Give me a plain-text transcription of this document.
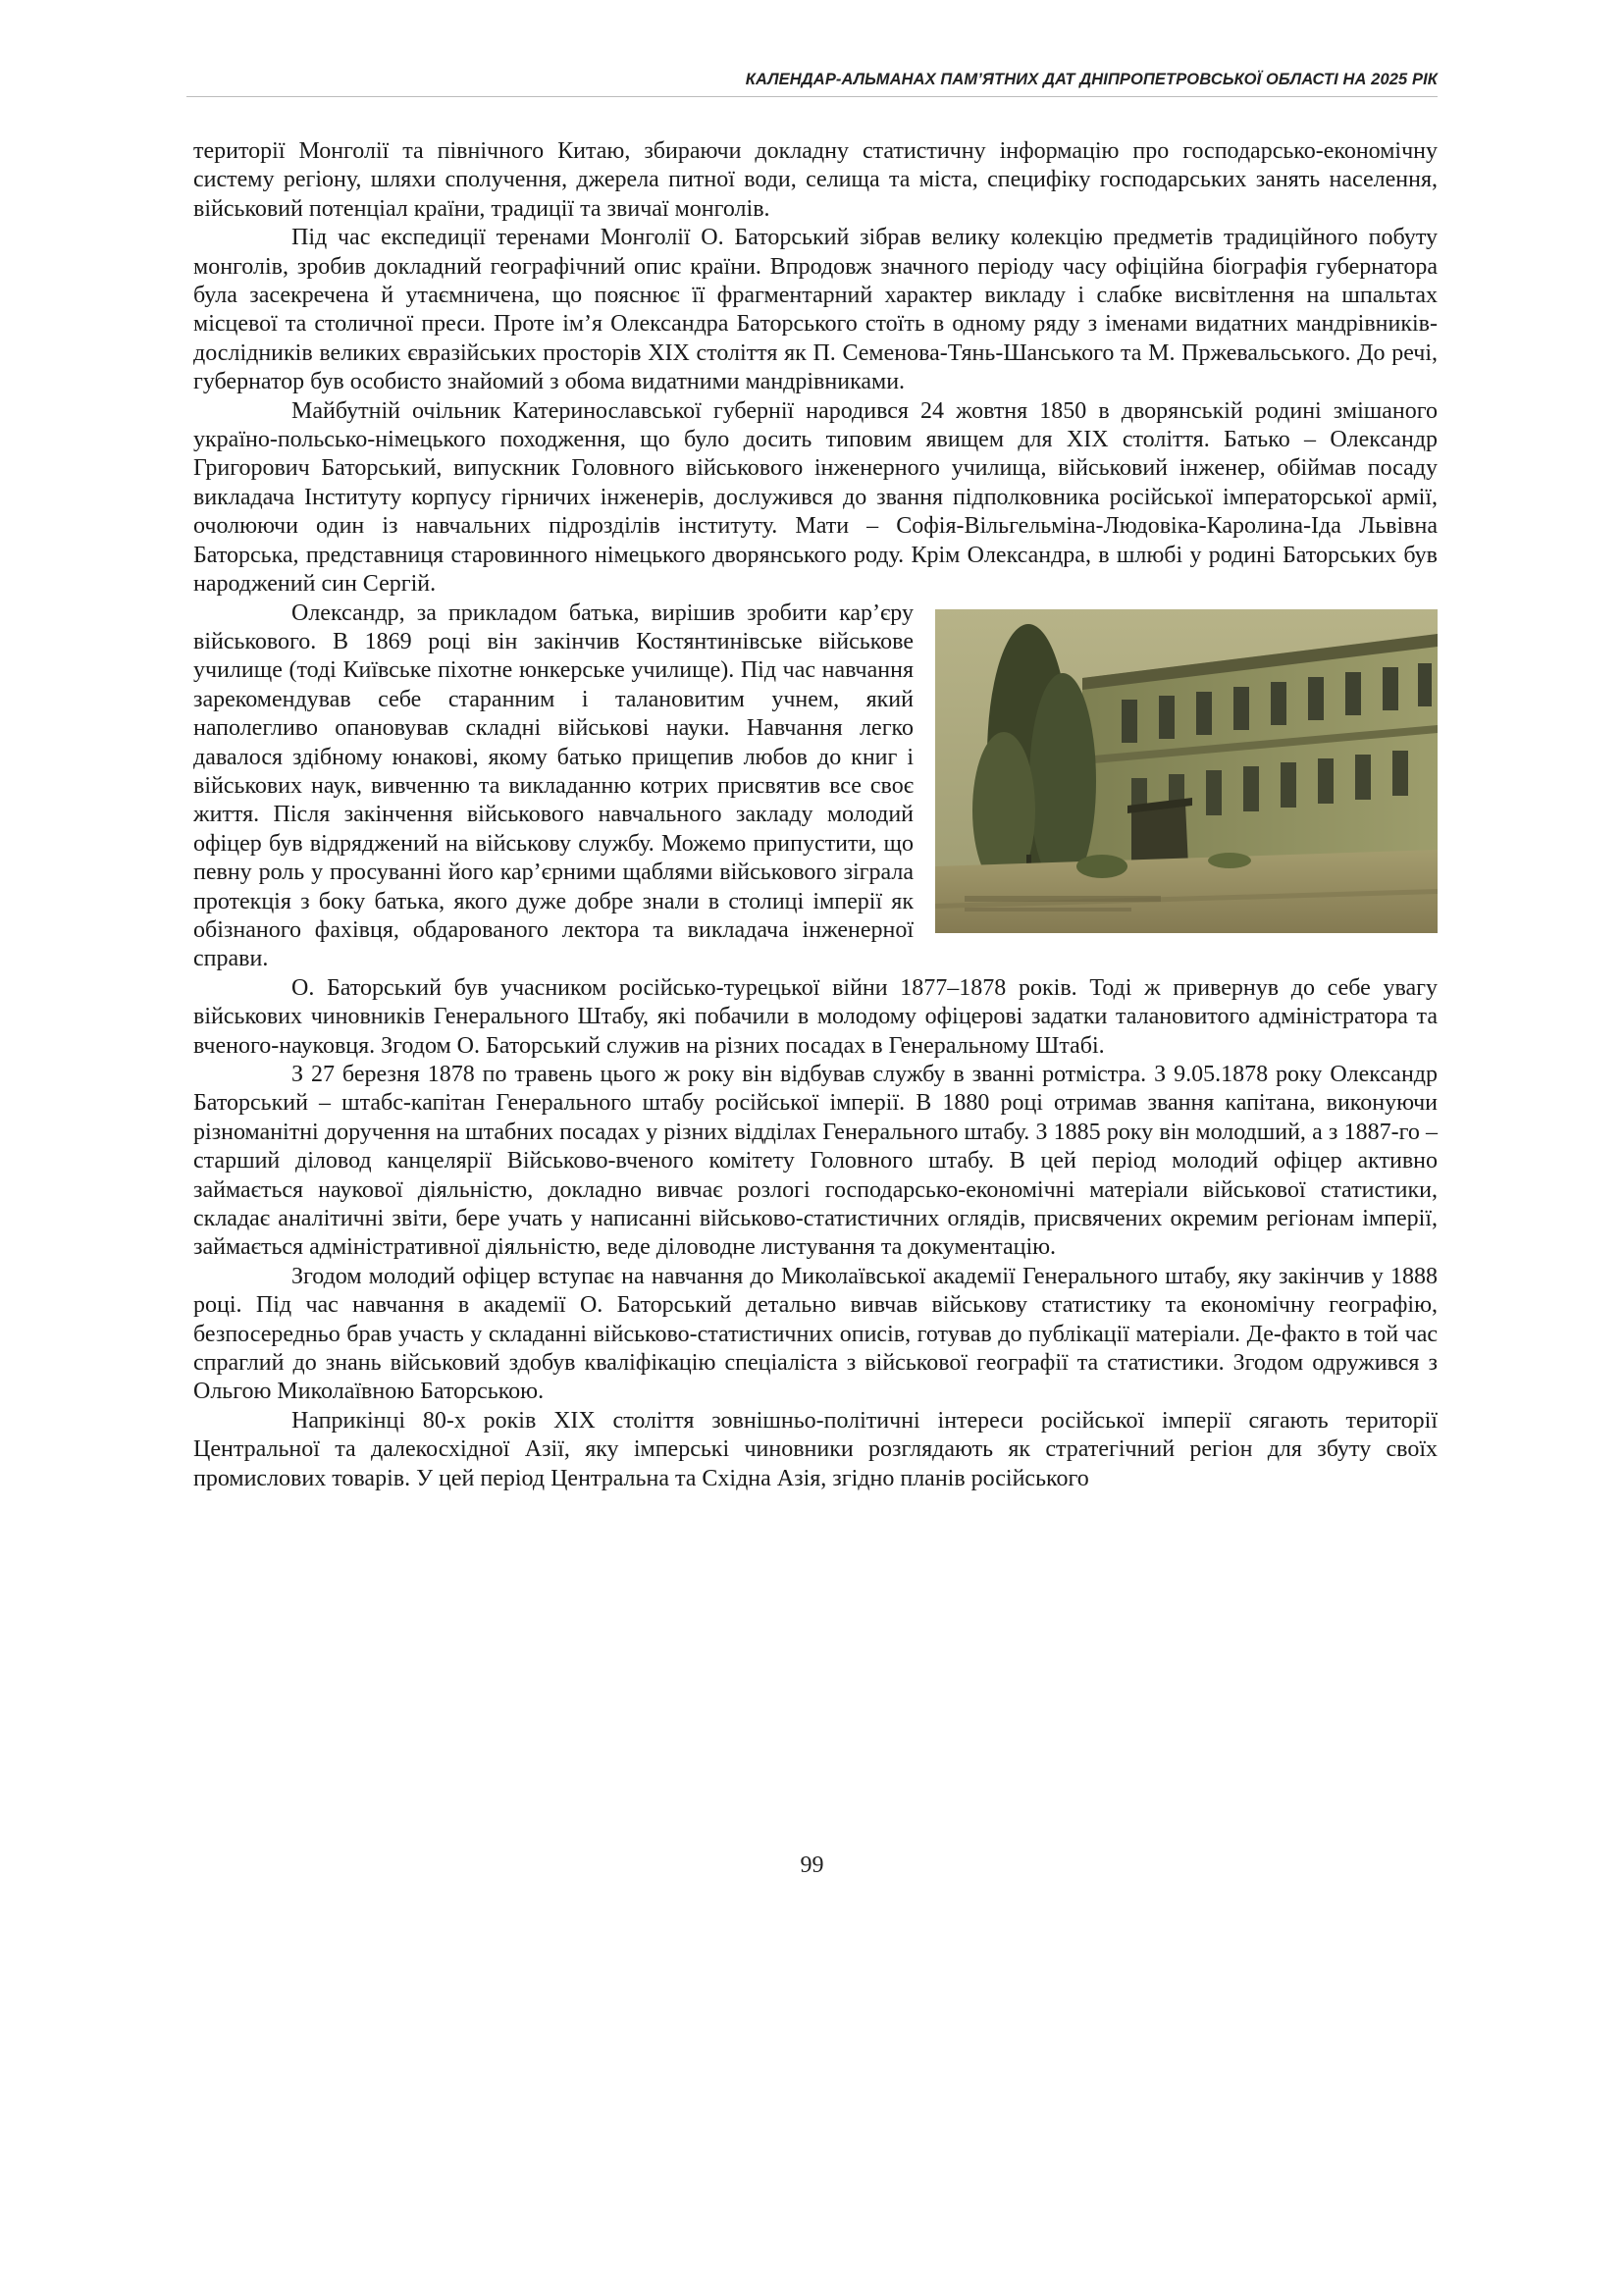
КАЛЕНДАР-АЛЬМАНАХ ПАМ’ЯТНИХ ДАТ ДНІПРОПЕТРОВСЬКОЇ ОБЛАСТІ НА 2025 РІК

території Монголії та північного Китаю, збираючи докладну статистичну інформацію про господарсько-економічну систему регіону, шляхи сполучення, джерела питної води, селища та міста, специфіку господарських занять населення, військовий потенціал країни, традиції та звичаї монголів.

Під час експедиції теренами Монголії О. Баторський зібрав велику колекцію предметів традиційного побуту монголів, зробив докладний географічний опис країни. Впродовж значного періоду часу офіційна біографія губернатора була засекречена й утаємничена, що пояснює її фрагментарний характер викладу і слабке висвітлення на шпальтах місцевої та столичної преси. Проте ім’я Олександра Баторського стоїть в одному ряду з іменами видатних мандрівників-дослідників великих євразійських просторів XIX століття як П. Семенова-Тянь-Шанського та М. Пржевальського. До речі, губернатор був особисто знайомий з обома видатними мандрівниками.

Майбутній очільник Катеринославської губернії народився 24 жовтня 1850 в дворянській родині змішаного україно-польсько-німецького походження, що було досить типовим явищем для XIX століття. Батько – Олександр Григорович Баторський, випускник Головного військового інженерного училища, військовий інженер, обіймав посаду викладача Інституту корпусу гірничих інженерів, дослужився до звання підполковника російської імператорської армії, очолюючи один із навчальних підрозділів інституту. Мати – Софія-Вільгельміна-Людовіка-Каролина-Іда Львівна Баторська, представниця старовинного німецького дворянського роду. Крім Олександра, в шлюбі у родині Баторських був народжений син Сергій.

Олександр, за прикладом батька, вирішив зробити кар’єру військового. В 1869 році він закінчив Костянтинівське військове училище (тоді Київське піхотне юнкерське училище). Під час навчання зарекомендував себе старанним і талановитим учнем, який наполегливо опановував складні військові науки. Навчання легко давалося здібному юнакові, якому батько прищепив любов до книг і військових наук, вивченню та викладанню котрих присвятив все своє життя. Після закінчення військового навчального закладу молодий офіцер був відряджений на військову службу. Можемо припустити, що певну роль у просуванні його кар’єрними щаблями військового зіграла протекція з боку батька, якого дуже добре знали в столиці імперії як обізнаного фахівця, обдарованого лектора та викладача інженерної справи.

О. Баторський був учасником російсько-турецької війни 1877–1878 років. Тоді ж привернув до себе увагу військових чиновників Генерального Штабу, які побачили в молодому офіцерові задатки талановитого адміністратора та вченого-науковця. Згодом О. Баторський служив на різних посадах в Генеральному Штабі.

З 27 березня 1878 по травень цього ж року він відбував службу в званні ротмістра. З 9.05.1878 року Олександр Баторський – штабс-капітан Генерального штабу російської імперії. В 1880 році отримав звання капітана, виконуючи різноманітні доручення на штабних посадах у різних відділах Генерального штабу. З 1885 року він молодший, а з 1887-го – старший діловод канцелярії Військово-вченого комітету Головного штабу. В цей період молодий офіцер активно займається наукової діяльністю, докладно вивчає розлогі господарсько-економічні матеріали військової статистики, складає аналітичні звіти, бере учать у написанні військово-статистичних оглядів, присвячених окремим регіонам імперії, займається адміністративної діяльністю, веде діловодне листування та документацію.

Згодом молодий офіцер вступає на навчання до Миколаївської академії Генерального штабу, яку закінчив у 1888 році. Під час навчання в академії О. Баторський детально вивчав військову статистику та економічну географію, безпосередньо брав участь у складанні військово-статистичних описів, готував до публікації матеріали. Де-факто в той час спраглий до знань військовий здобув кваліфікацію спеціаліста з військової географії та статистики. Згодом одружився з Ольгою Миколаївною Баторською.

Наприкінці 80-х років XIX століття зовнішньо-політичні інтереси російської імперії сягають території Центральної та далекосхідної Азії, яку імперські чиновники розглядають як стратегічний регіон для збуту своїх промислових товарів. У цей період Центральна та Східна Азія, згідно планів російського

99
